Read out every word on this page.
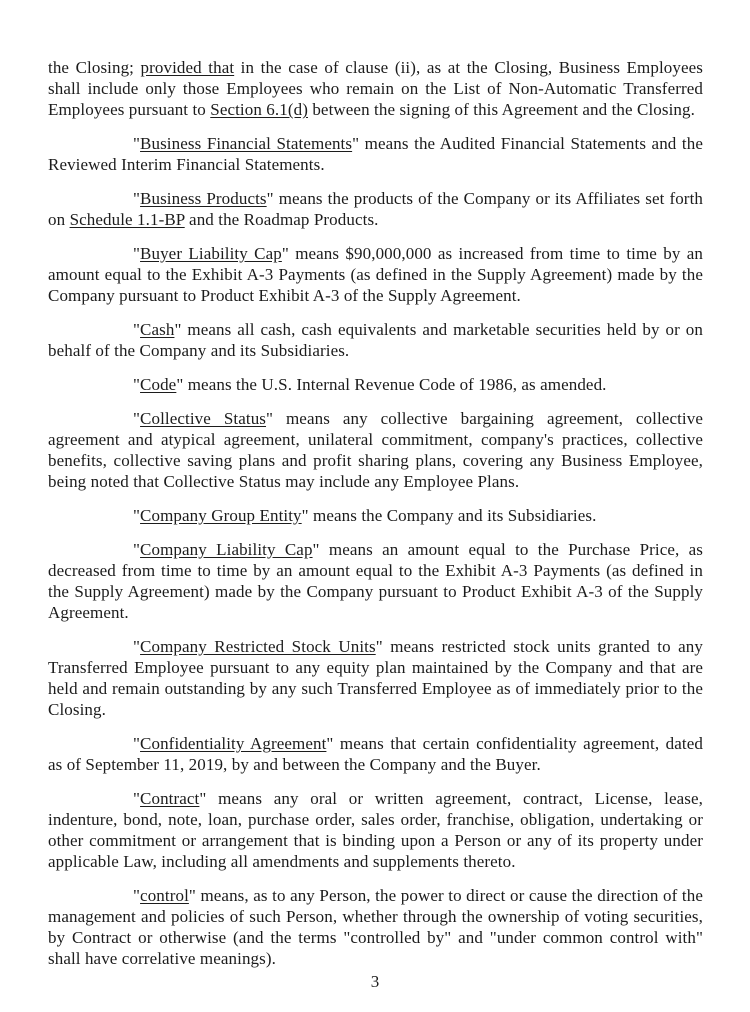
the Closing; provided that in the case of clause (ii), as at the Closing, Business Employees shall include only those Employees who remain on the List of Non-Automatic Transferred Employees pursuant to Section 6.1(d) between the signing of this Agreement and the Closing.

"Business Financial Statements" means the Audited Financial Statements and the Reviewed Interim Financial Statements.

"Business Products" means the products of the Company or its Affiliates set forth on Schedule 1.1-BP and the Roadmap Products.

"Buyer Liability Cap" means $90,000,000 as increased from time to time by an amount equal to the Exhibit A-3 Payments (as defined in the Supply Agreement) made by the Company pursuant to Product Exhibit A-3 of the Supply Agreement.

"Cash" means all cash, cash equivalents and marketable securities held by or on behalf of the Company and its Subsidiaries.

"Code" means the U.S. Internal Revenue Code of 1986, as amended.

"Collective Status" means any collective bargaining agreement, collective agreement and atypical agreement, unilateral commitment, company's practices, collective benefits, collective saving plans and profit sharing plans, covering any Business Employee, being noted that Collective Status may include any Employee Plans.

"Company Group Entity" means the Company and its Subsidiaries.

"Company Liability Cap" means an amount equal to the Purchase Price, as decreased from time to time by an amount equal to the Exhibit A-3 Payments (as defined in the Supply Agreement) made by the Company pursuant to Product Exhibit A-3 of the Supply Agreement.

"Company Restricted Stock Units" means restricted stock units granted to any Transferred Employee pursuant to any equity plan maintained by the Company and that are held and remain outstanding by any such Transferred Employee as of immediately prior to the Closing.

"Confidentiality Agreement" means that certain confidentiality agreement, dated as of September 11, 2019, by and between the Company and the Buyer.

"Contract" means any oral or written agreement, contract, License, lease, indenture, bond, note, loan, purchase order, sales order, franchise, obligation, undertaking or other commitment or arrangement that is binding upon a Person or any of its property under applicable Law, including all amendments and supplements thereto.

"control" means, as to any Person, the power to direct or cause the direction of the management and policies of such Person, whether through the ownership of voting securities, by Contract or otherwise (and the terms "controlled by" and "under common control with" shall have correlative meanings).

3
